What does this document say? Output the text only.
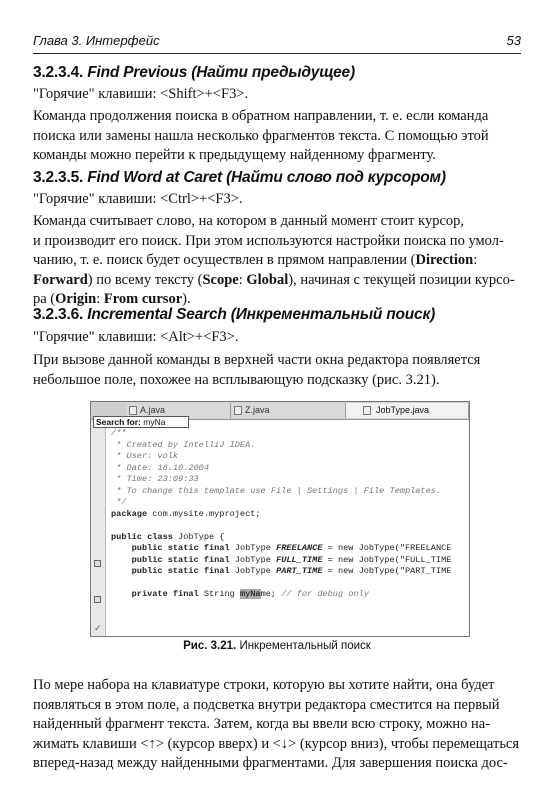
Глава 3. Интерфейс	53
3.2.3.4. Find Previous (Найти предыдущее)
"Горячие" клавиши: <Shift>+<F3>.
Команда продолжения поиска в обратном направлении, т. е. если команда
поиска или замены нашла несколько фрагментов текста. С помощью этой
команды можно перейти к предыдущему найденному фрагменту.
3.2.3.5. Find Word at Caret (Найти слово под курсором)
"Горячие" клавиши: <Ctrl>+<F3>.
Команда считывает слово, на котором в данный момент стоит курсор,
и производит его поиск. При этом используются настройки поиска по умол-
чанию, т. е. поиск будет осуществлен в прямом направлении (Direction:
Forward) по всему тексту (Scope: Global), начиная с текущей позиции курсо-
ра (Origin: From cursor).
3.2.3.6. Incremental Search (Инкрементальный поиск)
"Горячие" клавиши: <Alt>+<F3>.
При вызове данной команды в верхней части окна редактора появляется
небольшое поле, похожее на всплывающую подсказку (рис. 3.21).
A.java	Z.java	JobType.java
✓
Search for: myNa
/**
* Created by IntelliJ IDEA.
* User: volk
* Date: 18.10.2004
* Time: 23:09:33
* To change this template use File | Settings | File Templates.
*/
package com.mysite.myproject;

public class JobType {
public static final JobType FREELANCE = new JobType("FREELANCE
public static final JobType FULL_TIME = new JobType("FULL_TIME
public static final JobType PART_TIME = new JobType("PART_TIME

private final String myName; // for debug only
Рис. 3.21. Инкрементальный поиск
По мере набора на клавиатуре строки, которую вы хотите найти, она будет
появляться в этом поле, а подсветка внутри редактора сместится на первый
найденный фрагмент текста. Затем, когда вы ввели всю строку, можно на-
жимать клавиши <↑> (курсор вверх) и <↓> (курсор вниз), чтобы перемещаться
вперед-назад между найденными фрагментами. Для завершения поиска дос-
